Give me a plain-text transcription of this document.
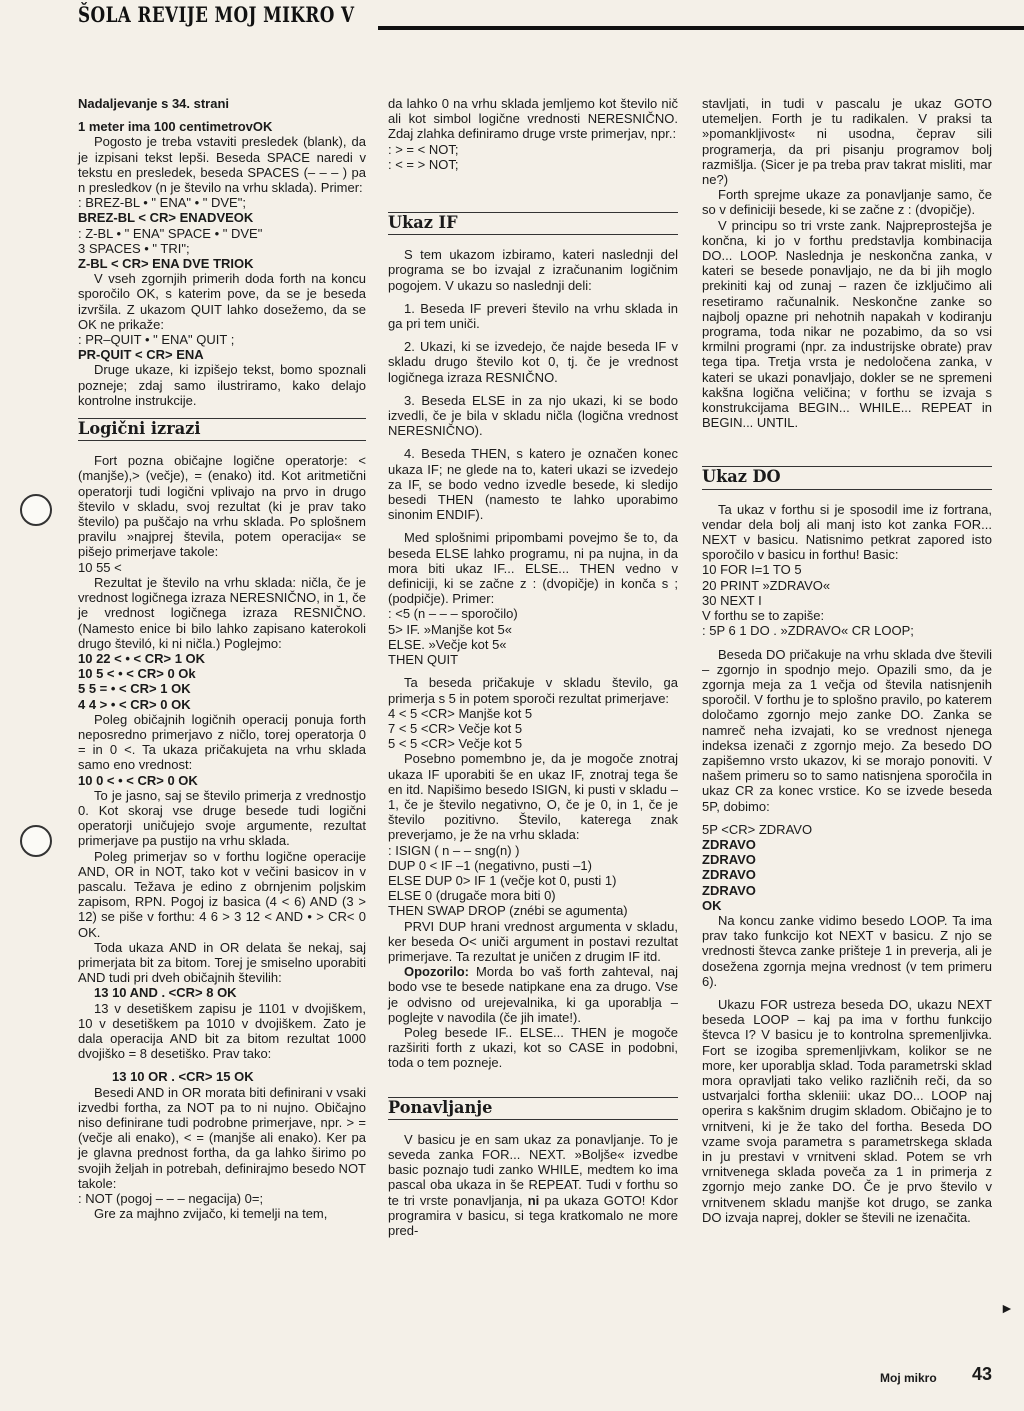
ŠOLA REVIJE MOJ MIKRO V

Nadaljevanje s 34. strani

1 meter ima 100 centimetrovOK

Pogosto je treba vstaviti presledek (blank), da je izpisani tekst lepši. Beseda SPACE naredi v tekstu en presledek, beseda SPACES (– – – ) pa n presledkov (n je število na vrhu sklada). Primer:

: BREZ-BL • " ENA" • " DVE";

BREZ-BL < CR> ENADVEOK

: Z-BL • " ENA" SPACE • " DVE"

3 SPACES • " TRI";

Z-BL < CR> ENA DVE TRIOK

V vseh zgornjih primerih doda forth na koncu sporočilo OK, s katerim pove, da se je beseda izvršila. Z ukazom QUIT lahko dosežemo, da se OK ne prikaže:

: PR–QUIT • " ENA" QUIT ;

PR-QUIT < CR> ENA

Druge ukaze, ki izpišejo tekst, bomo spoznali pozneje; zdaj samo ilustriramo, kako delajo kontrolne instrukcije.

Logični izrazi

Fort pozna običajne logične operatorje: < (manjše),> (večje), = (enako) itd. Kot aritmetični operatorji tudi logični vplivajo na prvo in drugo število v skladu, svoj rezultat (ki je prav tako število) pa puščajo na vrhu sklada. Po splošnem pravilu »najprej števila, potem operacija« se pišejo primerjave takole:

10 55 <

Rezultat je število na vrhu sklada: ničla, če je vrednost logičnega izraza NERESNIČNO, in 1, če je vrednost logičnega izraza RESNIČNO. (Namesto enice bi bilo lahko zapisano katerokoli drugo številó, ki ni ničla.) Poglejmo:

10 22 < • < CR> 1 OK

10 5 < • < CR> 0 Ok

5 5 = • < CR> 1 OK

4 4 > • < CR> 0 OK

Poleg običajnih logičnih operacij ponuja forth neposredno primerjavo z ničlo, torej operatorja 0 = in 0 <. Ta ukaza pričakujeta na vrhu sklada samo eno vrednost:

10 0 < • < CR> 0 OK

To je jasno, saj se število primerja z vrednostjo 0. Kot skoraj vse druge besede tudi logični operatorji uničujejo svoje argumente, rezultat primerjave pa pustijo na vrhu sklada.

Poleg primerjav so v forthu logične operacije AND, OR in NOT, tako kot v večini basicov in v pascalu. Težava je edino z obrnjenim poljskim zapisom, RPN. Pogoj iz basica (4 < 6) AND (3 > 12) se piše v forthu: 4 6 > 3 12 < AND • > CR< 0 OK.

Toda ukaza AND in OR delata še nekaj, saj primerjata bit za bitom. Torej je smiselno uporabiti AND tudi pri dveh običajnih številih:

13 10 AND . <CR> 8 OK

13 v desetiškem zapisu je 1101 v dvojiškem, 10 v desetiškem pa 1010 v dvojiškem. Zato je dala operacija AND bit za bitom rezultat 1000 dvojiško = 8 desetiško. Prav tako:

13 10 OR . <CR> 15 OK

Besedi AND in OR morata biti definirani v vsaki izvedbi fortha, za NOT pa to ni nujno. Običajno niso definirane tudi podrobne primerjave, npr. > = (večje ali enako), < = (manjše ali enako). Ker pa je glavna prednost fortha, da ga lahko širimo po svojih željah in potrebah, definirajmo besedo NOT takole:

: NOT (pogoj – – – negacija) 0=;

Gre za majhno zvijačo, ki temelji na tem,

da lahko 0 na vrhu sklada jemljemo kot število nič ali kot simbol logične vrednosti NERESNIČNO. Zdaj zlahka definiramo druge vrste primerjav, npr.:

: > = < NOT;

: < = > NOT;

Ukaz IF

S tem ukazom izbiramo, kateri naslednji del programa se bo izvajal z izračunanim logičnim pogojem. V ukazu so naslednji deli:

1. Beseda IF preveri število na vrhu sklada in ga pri tem uniči.

2. Ukazi, ki se izvedejo, če najde beseda IF v skladu drugo število kot 0, tj. če je vrednost logičnega izraza RESNIČNO.

3. Beseda ELSE in za njo ukazi, ki se bodo izvedli, če je bila v skladu ničla (logična vrednost NERESNIČNO).

4. Beseda THEN, s katero je označen konec ukaza IF; ne glede na to, kateri ukazi se izvedejo za IF, se bodo vedno izvedle besede, ki sledijo besedi THEN (namesto te lahko uporabimo sinonim ENDIF).

Med splošnimi pripombami povejmo še to, da beseda ELSE lahko programu, ni pa nujna, in da mora biti ukaz IF... ELSE... THEN vedno v definiciji, ki se začne z : (dvopičje) in konča s ; (podpičje). Primer:

: <5 (n – – – sporočilo)

5> IF. »Manjše kot 5«

ELSE. »Večje kot 5«

THEN QUIT

Ta beseda pričakuje v skladu število, ga primerja s 5 in potem sporoči rezultat primerjave:

4 < 5 <CR> Manjše kot 5

7 < 5 <CR> Večje kot 5

5 < 5 <CR> Večje kot 5

Posebno pomembno je, da je mogoče znotraj ukaza IF uporabiti še en ukaz IF, znotraj tega še en itd. Napišimo besedo ISIGN, ki pusti v skladu – 1, če je število negativno, O, če je 0, in 1, če je število pozitivno. Število, katerega znak preverjamo, je že na vrhu sklada:

: ISIGN ( n – – sng(n) )

DUP 0 < IF –1 (negativno, pusti –1)

ELSE DUP 0> IF 1 (večje kot 0, pusti 1)

ELSE 0 (drugače mora biti 0)

THEN SWAP DROP (znébi se agumenta)

PRVI DUP hrani vrednost argumenta v skladu, ker beseda O< uniči argument in postavi rezultat primerjave. Ta rezultat je uničen z drugim IF itd.

Opozorilo: Morda bo vaš forth zahteval, naj bodo vse te besede natipkane ena za drugo. Vse je odvisno od urejevalnika, ki ga uporablja – poglejte v navodila (če jih imate!).

Poleg besede IF.. ELSE... THEN je mogoče razširiti forth z ukazi, kot so CASE in podobni, toda o tem pozneje.

Ponavljanje

V basicu je en sam ukaz za ponavljanje. To je seveda zanka FOR... NEXT. »Boljše« izvedbe basic poznajo tudi zanko WHILE, medtem ko ima pascal oba ukaza in še REPEAT. Tudi v forthu so te tri vrste ponavljanja, ni pa ukaza GOTO! Kdor programira v basicu, si tega kratkomalo ne more pred-

stavljati, in tudi v pascalu je ukaz GOTO utemeljen. Forth je tu radikalen. V praksi ta »pomankljivost« ni usodna, čeprav sili programerja, da pri pisanju programov bolj razmišlja. (Sicer je pa treba prav takrat misliti, mar ne?)

Forth sprejme ukaze za ponavljanje samo, če so v definiciji besede, ki se začne z : (dvopičje).

V principu so tri vrste zank. Najpreprostejša je končna, ki jo v forthu predstavlja kombinacija DO... LOOP. Naslednja je neskončna zanka, v kateri se besede ponavljajo, ne da bi jih moglo prekiniti kaj od zunaj – razen če izključimo ali resetiramo računalnik. Neskončne zanke so najbolj opazne pri nehotnih napakah v kodiranju programa, toda nikar ne pozabimo, da so vsi krmilni programi (npr. za industrijske obrate) prav tega tipa. Tretja vrsta je nedoločena zanka, v kateri se ukazi ponavljajo, dokler se ne spremeni kakšna logična veličina; v forthu se izvaja s konstrukcijama BEGIN... WHILE... REPEAT in BEGIN... UNTIL.

Ukaz DO

Ta ukaz v forthu si je sposodil ime iz fortrana, vendar dela bolj ali manj isto kot zanka FOR... NEXT v basicu. Natisnimo petkrat zapored isto sporočilo v basicu in forthu! Basic:

10 FOR I=1 TO 5

20 PRINT »ZDRAVO«

30 NEXT I

V forthu se to zapiše:

: 5P 6 1 DO . »ZDRAVO« CR LOOP;

Beseda DO pričakuje na vrhu sklada dve števili – zgornjo in spodnjo mejo. Opazili smo, da je zgornja meja za 1 večja od števila natisnjenih sporočil. V forthu je to splošno pravilo, po katerem določamo zgornjo mejo zanke DO. Zanka se namreč neha izvajati, ko se vrednost njenega indeksa izenači z zgornjo mejo. Za besedo DO zapišemno vrsto ukazov, ki se morajo ponoviti. V našem primeru so to samo natisnjena sporočila in ukaz CR za konec vrstice. Ko se izvede beseda 5P, dobimo:

5P <CR> ZDRAVO

ZDRAVO

ZDRAVO

ZDRAVO

ZDRAVO

OK

Na koncu zanke vidimo besedo LOOP. Ta ima prav tako funkcijo kot NEXT v basicu. Z njo se vrednosti števca zanke prišteje 1 in preverja, ali je dosežena zgornja mejna vrednost (v tem primeru 6).

Ukazu FOR ustreza beseda DO, ukazu NEXT beseda LOOP – kaj pa ima v forthu funkcijo števca I? V basicu je to kontrolna spremenljivka. Fort se izogiba spremenljivkam, kolikor se ne more, ker uporablja sklad. Toda parametrski sklad mora opravljati tako veliko različnih reči, da so ustvarjalci fortha skleniii: ukaz DO... LOOP naj operira s kakšnim drugim skladom. Običajno je to vrnitveni, ki je že tako del fortha. Beseda DO vzame svoja parametra s parametrskega sklada in ju prestavi v vrnitveni sklad. Potem se vrh vrnitvenega sklada poveča za 1 in primerja z zgornjo mejo zanke DO. Če je prvo število v vrnitvenem skladu manjše kot drugo, se zanka DO izvaja naprej, dokler se števili ne izenačita.

►
Moj mikro 43
